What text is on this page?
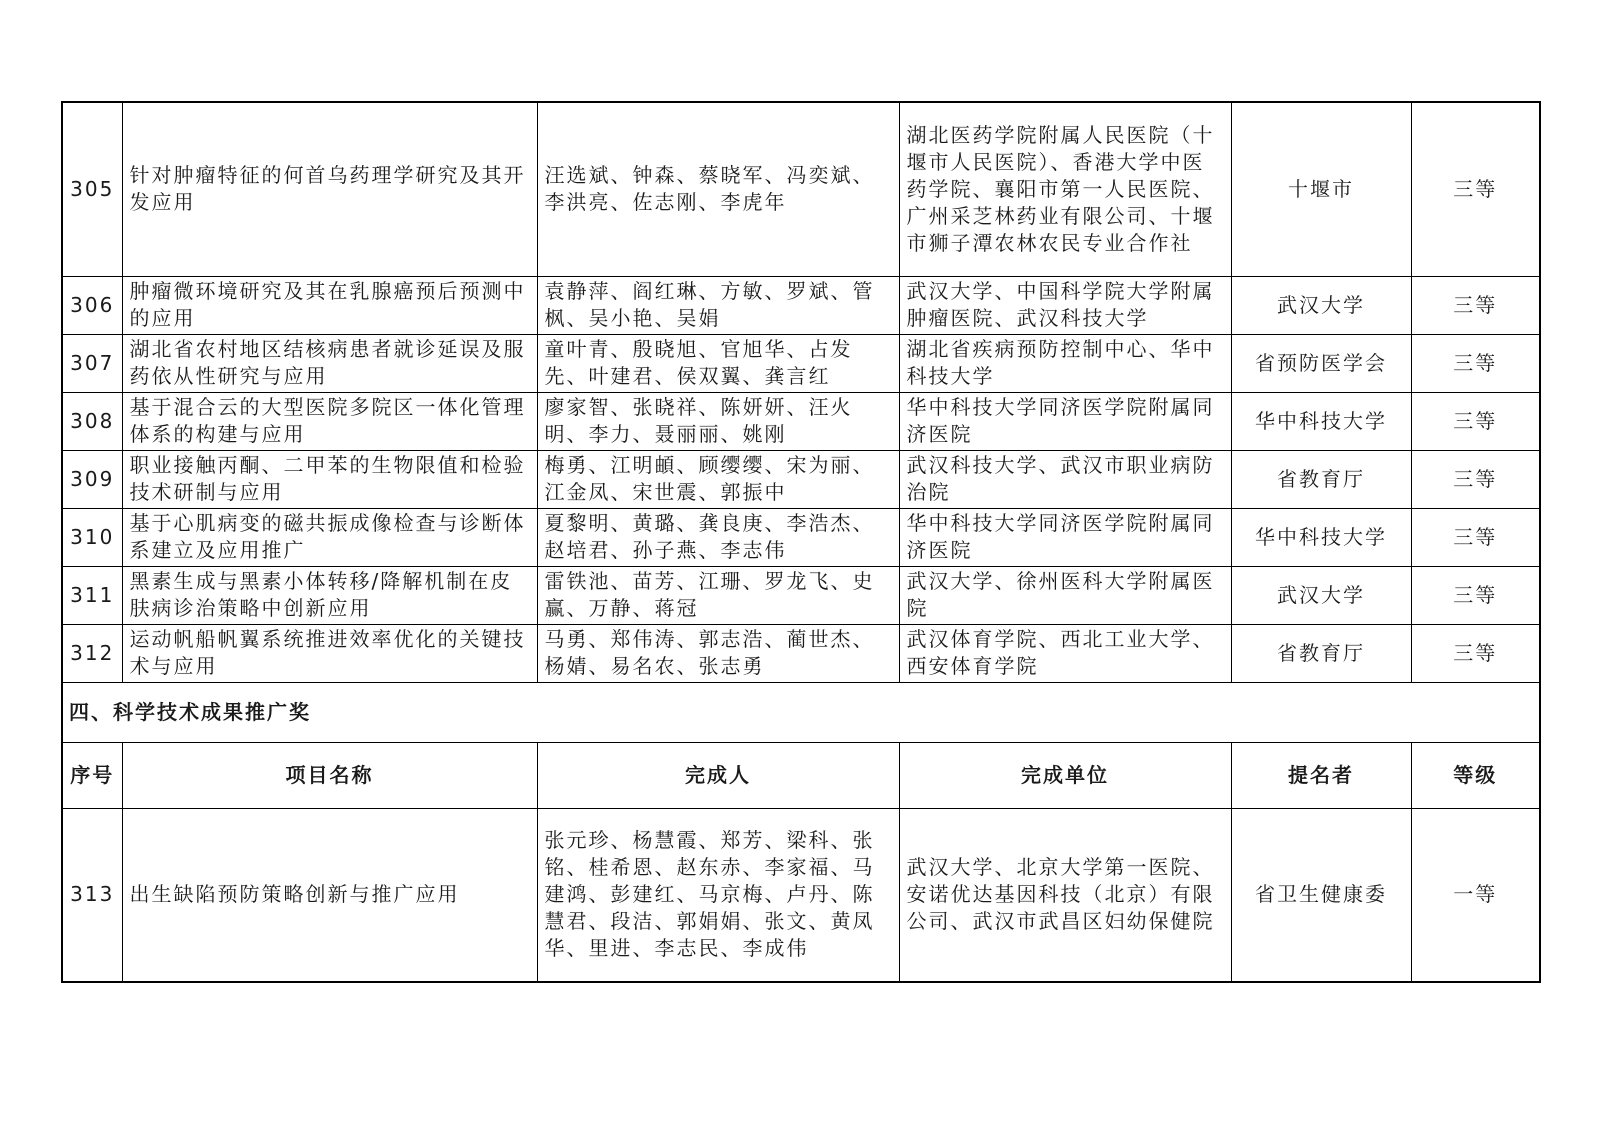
305	针对肿瘤特征的何首乌药理学研究及其开发应用	汪选斌、钟森、蔡晓军、冯奕斌、李洪亮、佐志刚、李虎年	湖北医药学院附属人民医院（十堰市人民医院）、香港大学中医药学院、襄阳市第一人民医院、广州采芝林药业有限公司、十堰市狮子潭农林农民专业合作社	十堰市	三等
306	肿瘤微环境研究及其在乳腺癌预后预测中的应用	袁静萍、阎红琳、方敏、罗斌、管枫、吴小艳、吴娟	武汉大学、中国科学院大学附属肿瘤医院、武汉科技大学	武汉大学	三等
307	湖北省农村地区结核病患者就诊延误及服药依从性研究与应用	童叶青、殷晓旭、官旭华、占发先、叶建君、侯双翼、龚言红	湖北省疾病预防控制中心、华中科技大学	省预防医学会	三等
308	基于混合云的大型医院多院区一体化管理体系的构建与应用	廖家智、张晓祥、陈妍妍、汪火明、李力、聂丽丽、姚刚	华中科技大学同济医学院附属同济医院	华中科技大学	三等
309	职业接触丙酮、二甲苯的生物限值和检验技术研制与应用	梅勇、江明頔、顾缨缨、宋为丽、江金凤、宋世震、郭振中	武汉科技大学、武汉市职业病防治院	省教育厅	三等
310	基于心肌病变的磁共振成像检查与诊断体系建立及应用推广	夏黎明、黄璐、龚良庚、李浩杰、赵培君、孙子燕、李志伟	华中科技大学同济医学院附属同济医院	华中科技大学	三等
311	黑素生成与黑素小体转移/降解机制在皮肤病诊治策略中创新应用	雷铁池、苗芳、江珊、罗龙飞、史赢、万静、蒋冠	武汉大学、徐州医科大学附属医院	武汉大学	三等
312	运动帆船帆翼系统推进效率优化的关键技术与应用	马勇、郑伟涛、郭志浩、蔺世杰、杨婧、易名农、张志勇	武汉体育学院、西北工业大学、西安体育学院	省教育厅	三等
四、科学技术成果推广奖					
序号	项目名称	完成人	完成单位	提名者	等级
313	出生缺陷预防策略创新与推广应用	张元珍、杨慧霞、郑芳、梁科、张铭、桂希恩、赵东赤、李家福、马建鸿、彭建红、马京梅、卢丹、陈慧君、段洁、郭娟娟、张文、黄凤华、里进、李志民、李成伟	武汉大学、北京大学第一医院、安诺优达基因科技（北京）有限公司、武汉市武昌区妇幼保健院	省卫生健康委	一等
